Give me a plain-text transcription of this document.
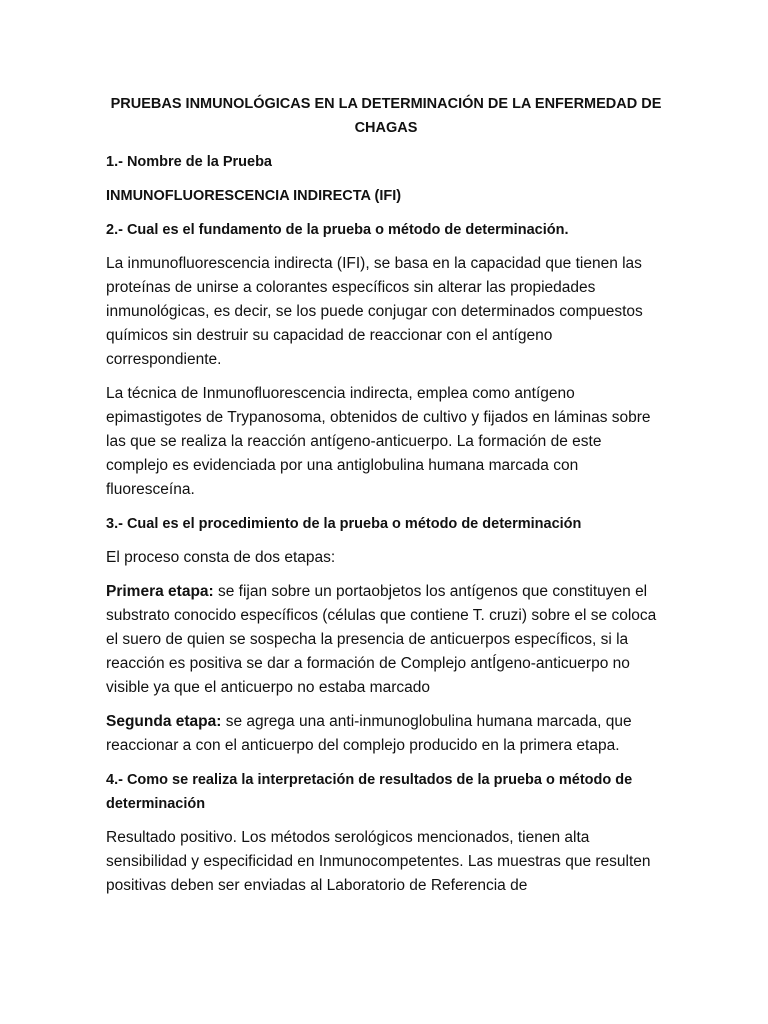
PRUEBAS INMUNOLÓGICAS EN LA DETERMINACIÓN DE LA ENFERMEDAD DE CHAGAS

1.- Nombre de la Prueba

INMUNOFLUORESCENCIA INDIRECTA (IFI)

2.- Cual es el fundamento de la prueba o método de determinación.

La inmunofluorescencia indirecta (IFI), se basa en la capacidad que tienen las proteínas de unirse a colorantes específicos sin alterar las propiedades inmunológicas, es decir, se los puede conjugar con determinados compuestos químicos sin destruir su capacidad de reaccionar con el antígeno correspondiente.

La técnica de Inmunofluorescencia indirecta, emplea como antígeno epimastigotes de Trypanosoma, obtenidos de cultivo y fijados en láminas sobre las que se realiza la reacción antígeno-anticuerpo. La formación de este complejo es evidenciada por una antiglobulina humana marcada con fluoresceína.

3.- Cual es el procedimiento de la prueba o método de determinación

El proceso consta de dos etapas:

Primera etapa: se fijan sobre un portaobjetos los antígenos que constituyen el substrato conocido específicos (células que contiene T. cruzi) sobre el se coloca el suero de quien se sospecha la presencia de anticuerpos específicos, si la reacción es positiva se dar a formación de Complejo antÍgeno-anticuerpo no visible ya que el anticuerpo no estaba marcado

Segunda etapa: se agrega una anti-inmunoglobulina humana marcada, que reaccionar a con el anticuerpo del complejo producido en la primera etapa.

4.- Como se realiza la interpretación de resultados de la prueba o método de determinación

Resultado positivo. Los métodos serológicos mencionados, tienen alta sensibilidad y especificidad en Inmunocompetentes. Las muestras que resulten positivas deben ser enviadas al Laboratorio de Referencia de
